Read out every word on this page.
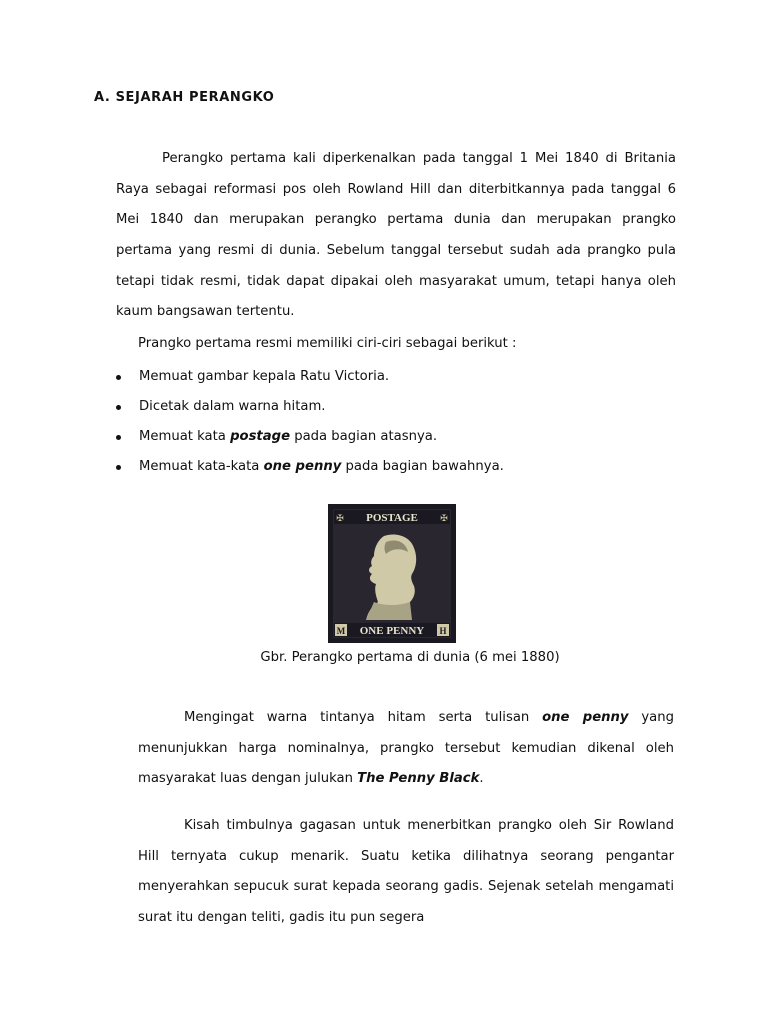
A. SEJARAH PERANGKO

Perangko pertama kali diperkenalkan pada tanggal 1 Mei 1840 di Britania Raya sebagai reformasi pos oleh Rowland Hill dan diterbitkannya pada tanggal 6 Mei 1840 dan merupakan perangko pertama dunia dan merupakan prangko pertama yang resmi di dunia. Sebelum tanggal tersebut sudah ada prangko pula tetapi tidak resmi, tidak dapat dipakai oleh masyarakat umum, tetapi hanya oleh kaum bangsawan tertentu.

Prangko pertama resmi memiliki ciri-ciri sebagai berikut :

Memuat gambar kepala Ratu Victoria.
Dicetak dalam warna hitam.
Memuat kata postage pada bagian atasnya.
Memuat kata-kata one penny pada bagian bawahnya.
POSTAGE
✠	✠
M	H
ONE PENNY
Gbr. Perangko pertama di dunia (6 mei 1880)

Mengingat warna tintanya hitam serta tulisan one penny yang menunjukkan harga nominalnya, prangko tersebut kemudian dikenal oleh masyarakat luas dengan julukan The Penny Black.

Kisah timbulnya gagasan untuk menerbitkan prangko oleh Sir Rowland Hill ternyata cukup menarik. Suatu ketika dilihatnya seorang pengantar menyerahkan sepucuk surat kepada seorang gadis. Sejenak setelah mengamati surat itu dengan teliti, gadis itu pun segera
